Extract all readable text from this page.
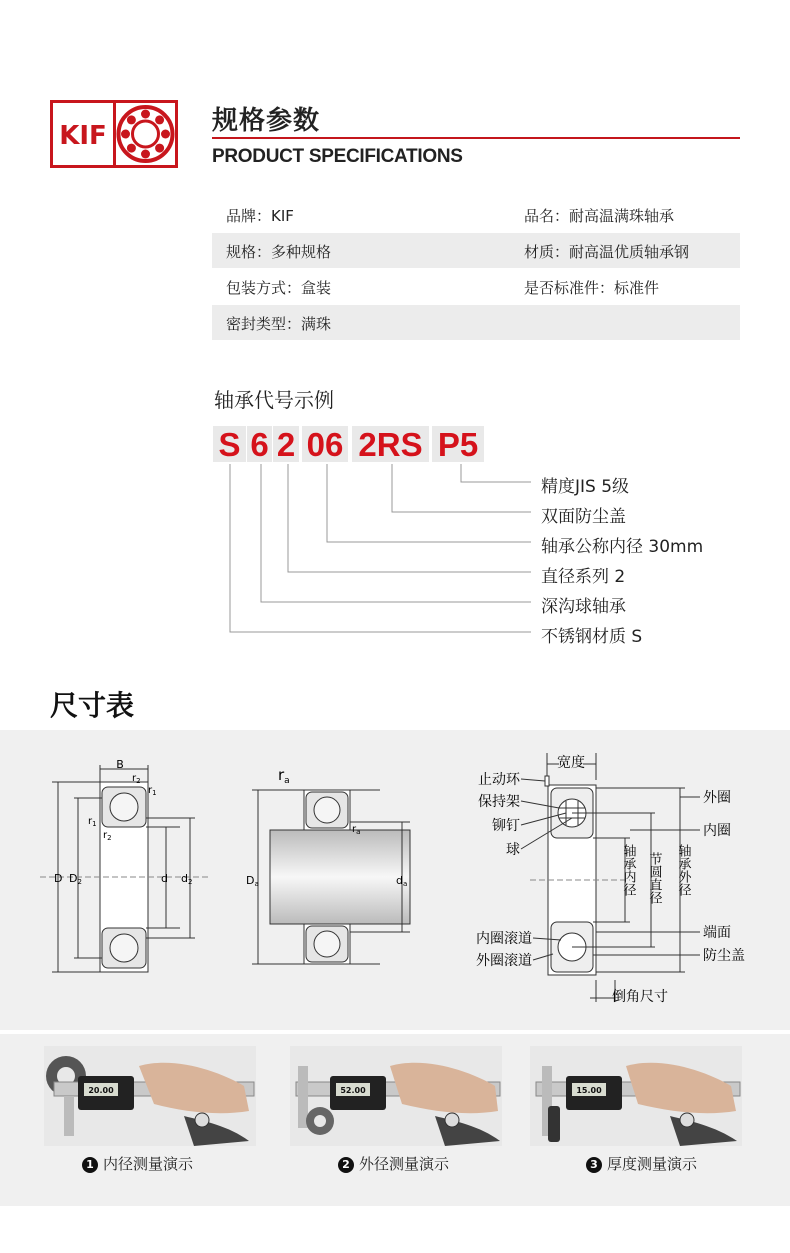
KIF	规格参数
PRODUCT SPECIFICATIONS
品牌：KIF	品名：耐高温满珠轴承
规格：多种规格	材质：耐高温优质轴承钢
包装方式：盒装	是否标准件：标准件
密封类型：满珠
轴承代号示例
S 6 2 06 2RS P5
精度JIS 5级
双面防尘盖
轴承公称内径 30mm
直径系列 2
深沟球轴承
不锈钢材质 S
尺寸表
B
$r_2$
$r_1$
$r_1$
$r_2$
D D2	d d2
$r_a$
$r_a$
Da	da
宽度
止动环
保持架
铆钉
球
内圈滚道
外圈滚道
外圈
内圈
端面
防尘盖
倒角尺寸
轴承内径 节圆直径 轴承外径
20.00	52.00	15.00
1 内径测量演示	2 外径测量演示	3 厚度测量演示
